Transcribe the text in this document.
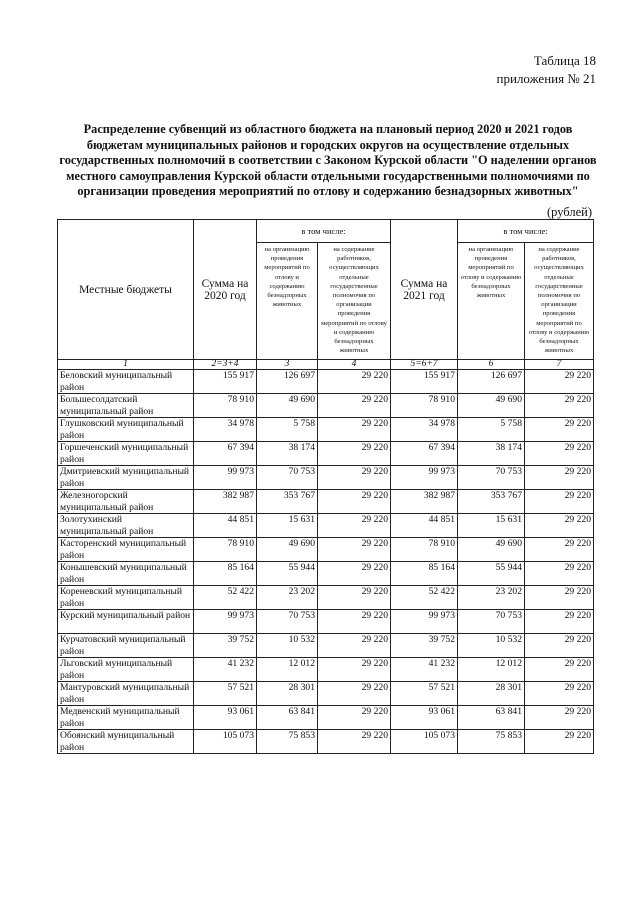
Таблица 18
приложения № 21
Распределение субвенций из областного бюджета на плановый период 2020 и 2021 годов бюджетам муниципальных районов и городских округов на осуществление отдельных государственных полномочий в соответствии с Законом Курской области "О наделении органов местного самоуправления Курской области отдельными государственными полномочиями по организации проведения мероприятий по отлову и содержанию безнадзорных животных"
(рублей)
Местные бюджеты	Сумма на 2020 год	в том числе:		Сумма на 2021 год	в том числе:	
		на организацию проведения мероприятий по отлову и содержанию безнадзорных животных	на содержание работников, осуществляющих отдельные государственные полномочия по организации проведения мероприятий по отлову и содержанию безнадзорных животных		на организацию проведения мероприятий по отлову и содержанию безнадзорных животных	на содержание работников, осуществляющих отдельные государственные полномочия по организации проведения мероприятий по отлову и содержанию безнадзорных животных
1	2=3+4	3	4	5=6+7	6	7
Беловский муниципальный район	155 917	126 697	29 220	155 917	126 697	29 220
Большесолдатский муниципальный район	78 910	49 690	29 220	78 910	49 690	29 220
Глушковский муниципальный район	34 978	5 758	29 220	34 978	5 758	29 220
Горшеченский муниципальный район	67 394	38 174	29 220	67 394	38 174	29 220
Дмитриевский муниципальный район	99 973	70 753	29 220	99 973	70 753	29 220
Железногорский муниципальный район	382 987	353 767	29 220	382 987	353 767	29 220
Золотухинский муниципальный район	44 851	15 631	29 220	44 851	15 631	29 220
Касторенский муниципальный район	78 910	49 690	29 220	78 910	49 690	29 220
Конышевский муниципальный район	85 164	55 944	29 220	85 164	55 944	29 220
Кореневский муниципальный район	52 422	23 202	29 220	52 422	23 202	29 220
Курский муниципальный район	99 973	70 753	29 220	99 973	70 753	29 220
Курчатовский муниципальный район	39 752	10 532	29 220	39 752	10 532	29 220
Льговский муниципальный район	41 232	12 012	29 220	41 232	12 012	29 220
Мантуровский муниципальный район	57 521	28 301	29 220	57 521	28 301	29 220
Медвенский муниципальный район	93 061	63 841	29 220	93 061	63 841	29 220
Обоянский муниципальный район	105 073	75 853	29 220	105 073	75 853	29 220
